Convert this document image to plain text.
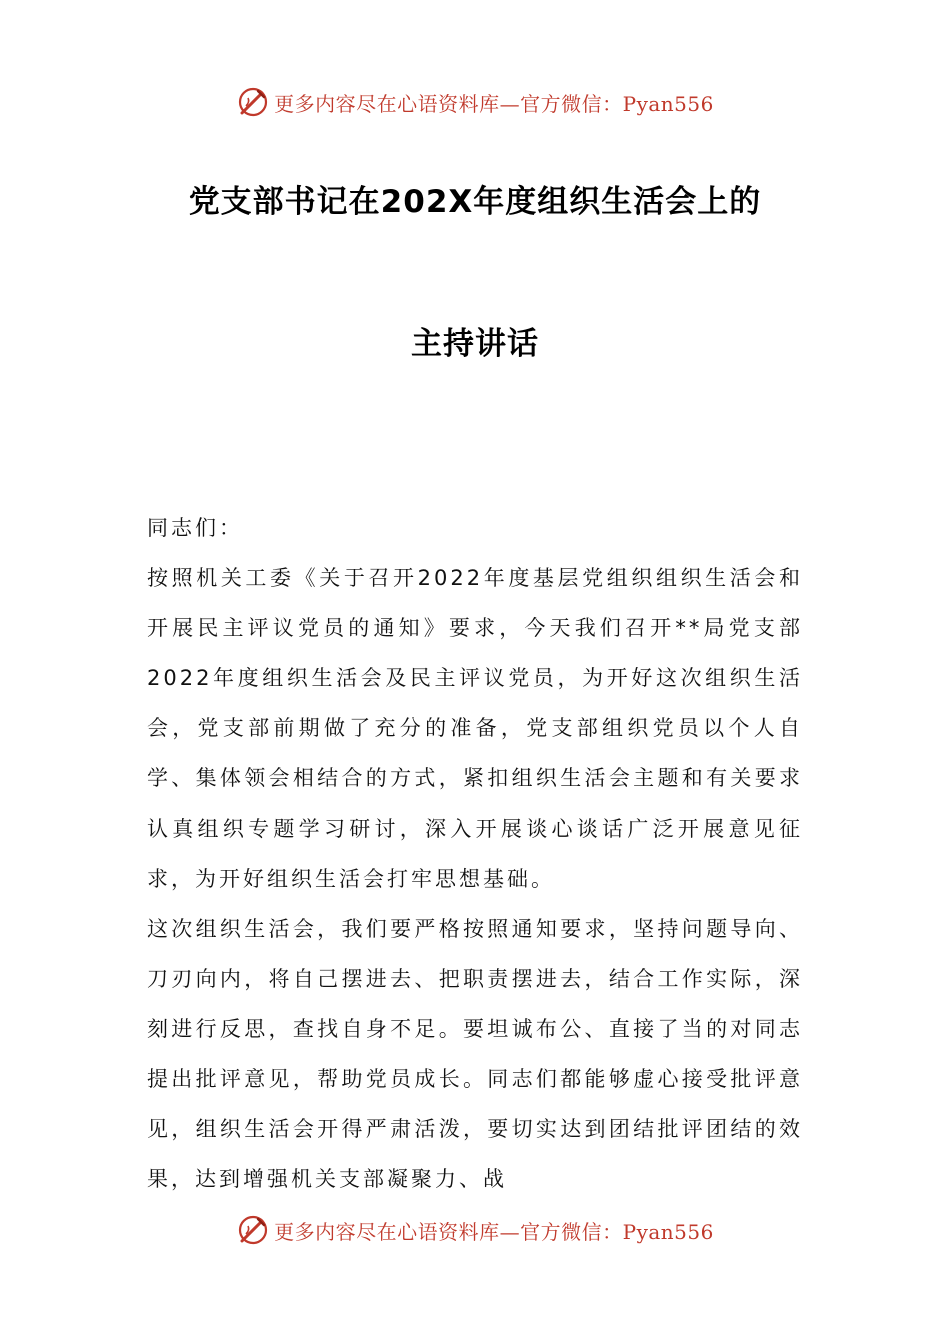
更多内容尽在心语资料库—官方微信：Pyan556
党支部书记在202X年度组织生活会上的
主持讲话

同志们：

按照机关工委《关于召开2022年度基层党组织组织生活会和开展民主评议党员的通知》要求，今天我们召开**局党支部2022年度组织生活会及民主评议党员，为开好这次组织生活会，党支部前期做了充分的准备，党支部组织党员以个人自学、集体领会相结合的方式，紧扣组织生活会主题和有关要求认真组织专题学习研讨，深入开展谈心谈话广泛开展意见征求，为开好组织生活会打牢思想基础。

这次组织生活会，我们要严格按照通知要求，坚持问题导向、刀刃向内，将自己摆进去、把职责摆进去，结合工作实际，深刻进行反思，查找自身不足。要坦诚布公、直接了当的对同志提出批评意见，帮助党员成长。同志们都能够虚心接受批评意见，组织生活会开得严肃活泼，要切实达到团结批评团结的效果，达到增强机关支部凝聚力、战

更多内容尽在心语资料库—官方微信：Pyan556
